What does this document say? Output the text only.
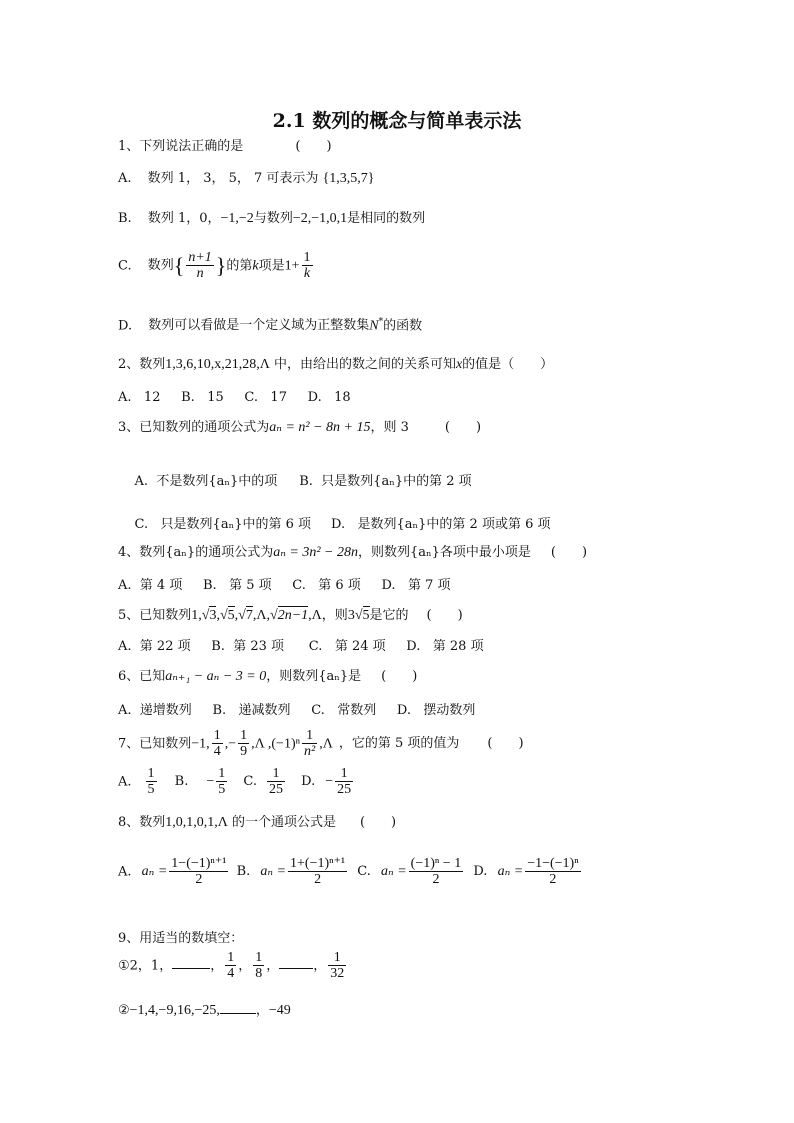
2.1 数列的概念与简单表示法
1、下列说法正确的是	(　　)
A. 数列 1， 3， 5， 7 可表示为 {1,3,5,7}
B. 数列 1，0，−1,−2与数列−2,−1,0,1是相同的数列
C. 数列{ $\frac{n+1}{n}$ }的第k项是$1+ \frac{1}{k}$
D. 数列可以看做是一个定义域为正整数集N*的函数
2、数列1,3,6,10,x,21,28,Λ 中，由给出的数之间的关系可知x的值是（　　）
A.   12     B.   15     C.   17     D.   18
3、已知数列的通项公式为aₙ = n² − 8n + 15，则 3	(　　)

A.  不是数列{aₙ}中的项 B.  只是数列{aₙ}中的第 2 项

C.   只是数列{aₙ}中的第 6 项 D.   是数列{aₙ}中的第 2 项或第 6 项

4、数列{aₙ}的通项公式为aₙ = 3n² − 28n，则数列{aₙ}各项中最小项是 (　　)
A.  第 4 项     B.   第 5 项     C.   第 6 项     D.   第 7 项
5、已知数列1,√3,√5,√7,Λ,√2n−1,Λ，则3√5是它的 (　　)
A.  第 22 项     B.  第 23 项      C.   第 24 项     D.   第 28 项
6、已知aₙ₊₁ − aₙ − 3 = 0，则数列{aₙ}是 (　　)
A.  递增数列     B.   递减数列     C.   常数列     D.   摆动数列
7、已知数列−1, $\frac{1}{4}$ ,− $\frac{1}{9} ,\Lambda$ $,(-1)^n \frac{1}{\text{n²}} ,\Lambda$ ，它的第 5 项的值为 (　　)
A. $\frac{1}{5} B$. − $\frac{1}{5} C$. $\frac{1}{25} D$. − $\frac{1}{25}$
8、数列1,0,1,0,1,Λ 的一个通项公式是 (　　)
A. $a_n = \frac{\text{1−(−1)ⁿ⁺¹}}{2} B$. $a_n = \frac{\text{1+(−1)ⁿ⁺¹}}{2} C$. $a_n = \frac{\text{(−1)ⁿ − 1}}{2} D$. $a_n = \frac{\text{−1−(−1)ⁿ}}{2}$
9、用适当的数填空：
①2，1，	， $\frac{1}{4}$ ， $\frac{1}{8}$ ，	， $\frac{1}{32}$
②−1,4,−9,16,−25,	，−49
